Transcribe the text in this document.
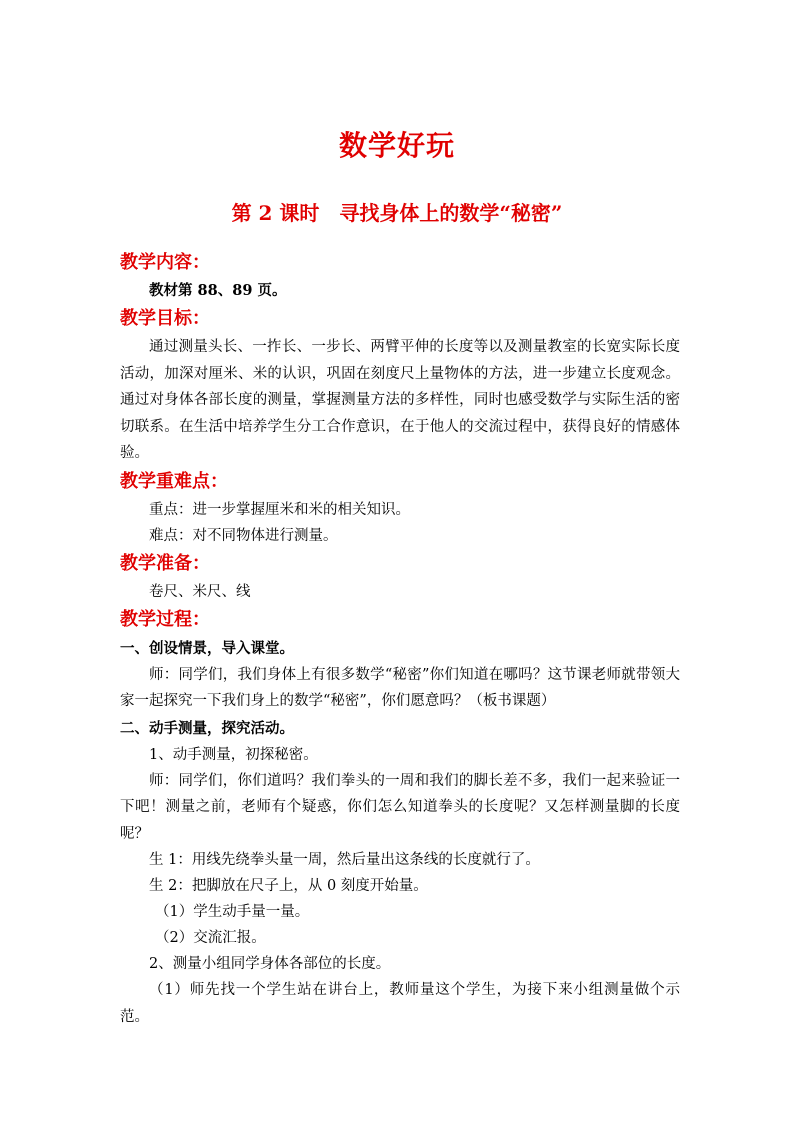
数学好玩
第 2 课时　寻找身体上的数学“秘密”

教学内容：

教材第 88、89 页。

教学目标：

通过测量头长、一拃长、一步长、两臂平伸的长度等以及测量教室的长宽实际长度活动，加深对厘米、米的认识，巩固在刻度尺上量物体的方法，进一步建立长度观念。通过对身体各部长度的测量，掌握测量方法的多样性，同时也感受数学与实际生活的密切联系。在生活中培养学生分工合作意识，在于他人的交流过程中，获得良好的情感体验。

教学重难点：

重点：进一步掌握厘米和米的相关知识。

难点：对不同物体进行测量。

教学准备：

卷尺、米尺、线

教学过程：

一、创设情景，导入课堂。

师：同学们，我们身体上有很多数学“秘密”你们知道在哪吗？这节课老师就带领大家一起探究一下我们身上的数学“秘密”，你们愿意吗？（板书课题）

二、动手测量，探究活动。

1、动手测量，初探秘密。

师：同学们，你们道吗？我们拳头的一周和我们的脚长差不多，我们一起来验证一下吧！测量之前，老师有个疑惑，你们怎么知道拳头的长度呢？又怎样测量脚的长度呢？

生 1：用线先绕拳头量一周，然后量出这条线的长度就行了。

生 2：把脚放在尺子上，从 0 刻度开始量。

（1）学生动手量一量。

（2）交流汇报。

2、测量小组同学身体各部位的长度。

（1）师先找一个学生站在讲台上，教师量这个学生，为接下来小组测量做个示范。
